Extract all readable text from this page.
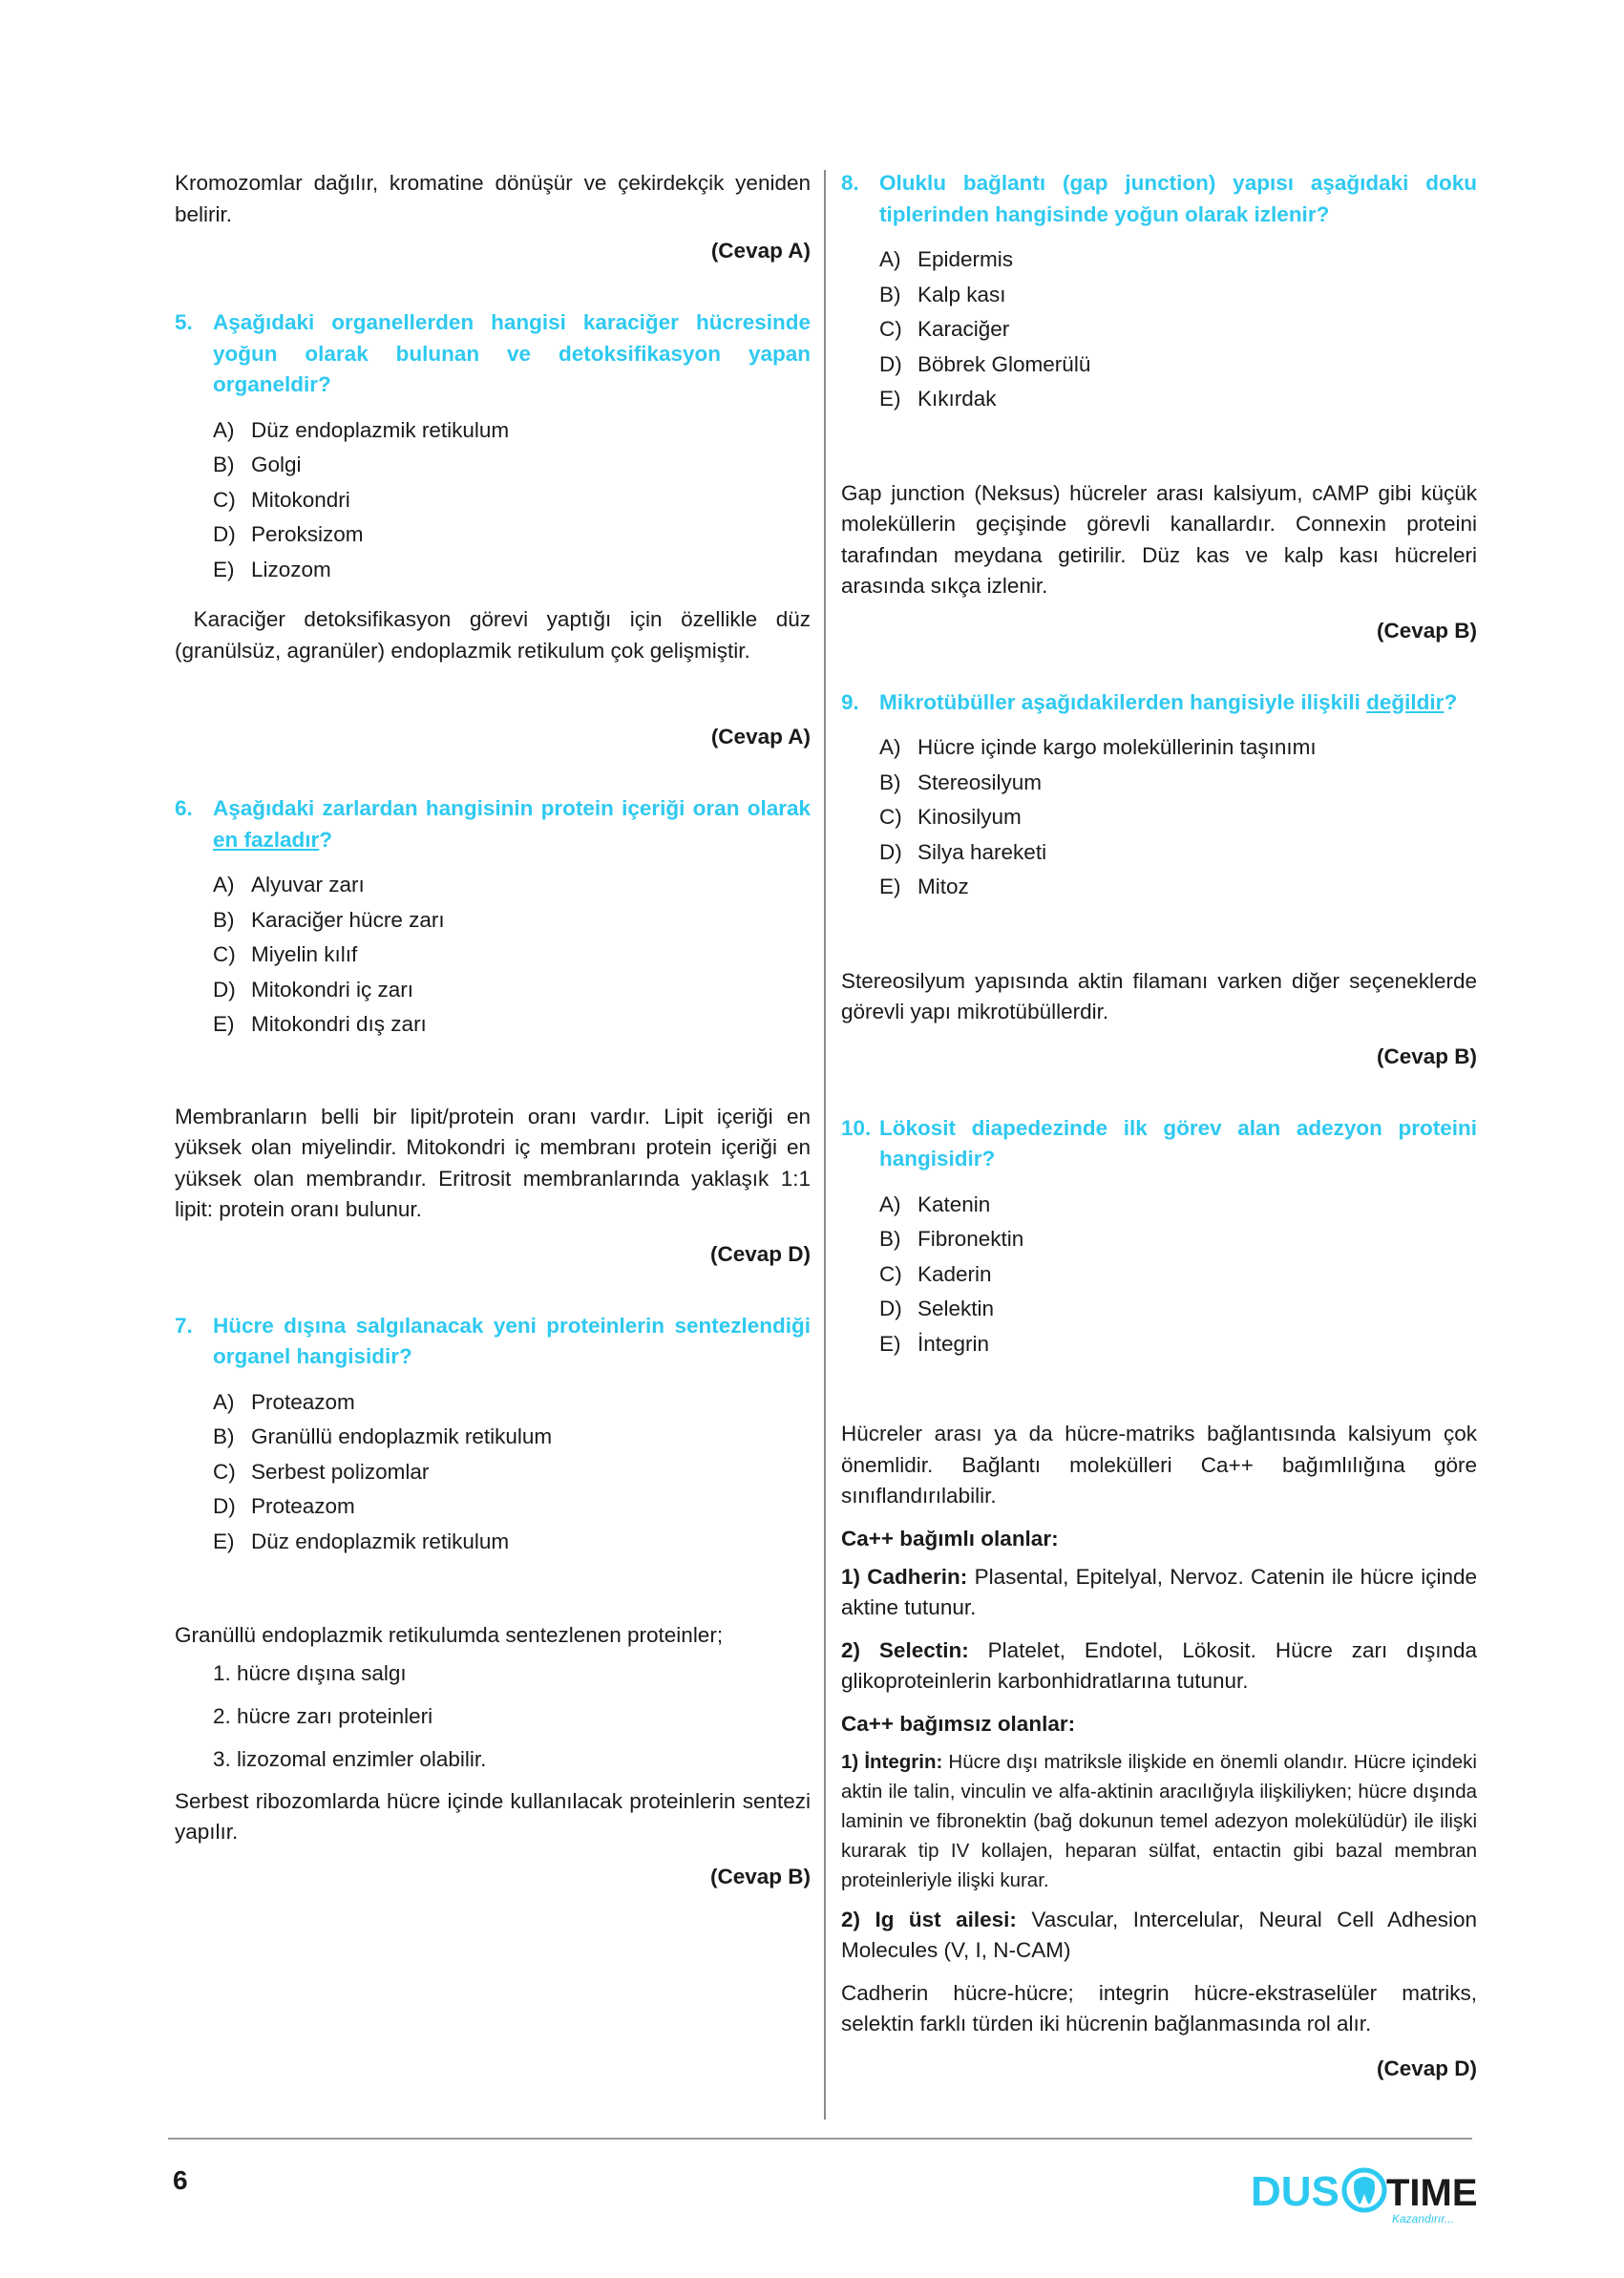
Kromozomlar dağılır, kromatine dönüşür ve çekirdekçik yeniden belirir.

(Cevap A)
5. Aşağıdaki organellerden hangisi karaciğer hücresinde yoğun olarak bulunan ve detoksifikasyon yapan organeldir?
A) Düz endoplazmik retikulum
B) Golgi
C) Mitokondri
D) Peroksizom
E) Lizozom

Karaciğer detoksifikasyon görevi yaptığı için özellikle düz (granülsüz, agranüler) endoplazmik retikulum çok gelişmiştir.

(Cevap A)
6. Aşağıdaki zarlardan hangisinin protein içeriği oran olarak en fazladır?
A) Alyuvar zarı
B) Karaciğer hücre zarı
C) Miyelin kılıf
D) Mitokondri iç zarı
E) Mitokondri dış zarı

Membranların belli bir lipit/protein oranı vardır. Lipit içeriği en yüksek olan miyelindir. Mitokondri iç membranı protein içeriği en yüksek olan membrandır. Eritrosit membranlarında yaklaşık 1:1 lipit: protein oranı bulunur.

(Cevap D)
7. Hücre dışına salgılanacak yeni proteinlerin sentezlendiği organel hangisidir?
A) Proteazom
B) Granüllü endoplazmik retikulum
C) Serbest polizomlar
D) Proteazom
E) Düz endoplazmik retikulum

Granüllü endoplazmik retikulumda sentezlenen proteinler;

1. hücre dışına salgı
2. hücre zarı proteinleri
3. lizozomal enzimler olabilir.

Serbest ribozomlarda hücre içinde kullanılacak proteinlerin sentezi yapılır.

(Cevap B)
8. Oluklu bağlantı (gap junction) yapısı aşağıdaki doku tiplerinden hangisinde yoğun olarak izlenir?
A) Epidermis
B) Kalp kası
C) Karaciğer
D) Böbrek Glomerülü
E) Kıkırdak

Gap junction (Neksus) hücreler arası kalsiyum, cAMP gibi küçük moleküllerin geçişinde görevli kanallardır. Connexin proteini tarafından meydana getirilir. Düz kas ve kalp kası hücreleri arasında sıkça izlenir.

(Cevap B)
9. Mikrotübüller aşağıdakilerden hangisiyle ilişkili değildir?
A) Hücre içinde kargo moleküllerinin taşınımı
B) Stereosilyum
C) Kinosilyum
D) Silya hareketi
E) Mitoz

Stereosilyum yapısında aktin filamanı varken diğer seçeneklerde görevli yapı mikrotübüllerdir.

(Cevap B)
10. Lökosit diapedezinde ilk görev alan adezyon proteini hangisidir?
A) Katenin
B) Fibronektin
C) Kaderin
D) Selektin
E) İntegrin

Hücreler arası ya da hücre-matriks bağlantısında kalsiyum çok önemlidir. Bağlantı molekülleri Ca++ bağımlılığına göre sınıflandırılabilir.

Ca++ bağımlı olanlar:

1) Cadherin: Plasental, Epitelyal, Nervoz. Catenin ile hücre içinde aktine tutunur.

2) Selectin: Platelet, Endotel, Lökosit. Hücre zarı dışında glikoproteinlerin karbonhidratlarına tutunur.

Ca++ bağımsız olanlar:

1) İntegrin: Hücre dışı matriksle ilişkide en önemli olandır. Hücre içindeki aktin ile talin, vinculin ve alfa-aktinin aracılığıyla ilişkiliyken; hücre dışında laminin ve fibronektin (bağ dokunun temel adezyon molekülüdür) ile ilişki kurarak tip IV kollajen, heparan sülfat, entactin gibi bazal membran proteinleriyle ilişki kurar.

2) Ig üst ailesi: Vascular, Intercelular, Neural Cell Adhesion Molecules (V, I, N-CAM)

Cadherin hücre-hücre; integrin hücre-ekstraselüler matriks, selektin farklı türden iki hücrenin bağlanmasında rol alır.

(Cevap D)
6	DUS TIME
Kazandırır...
